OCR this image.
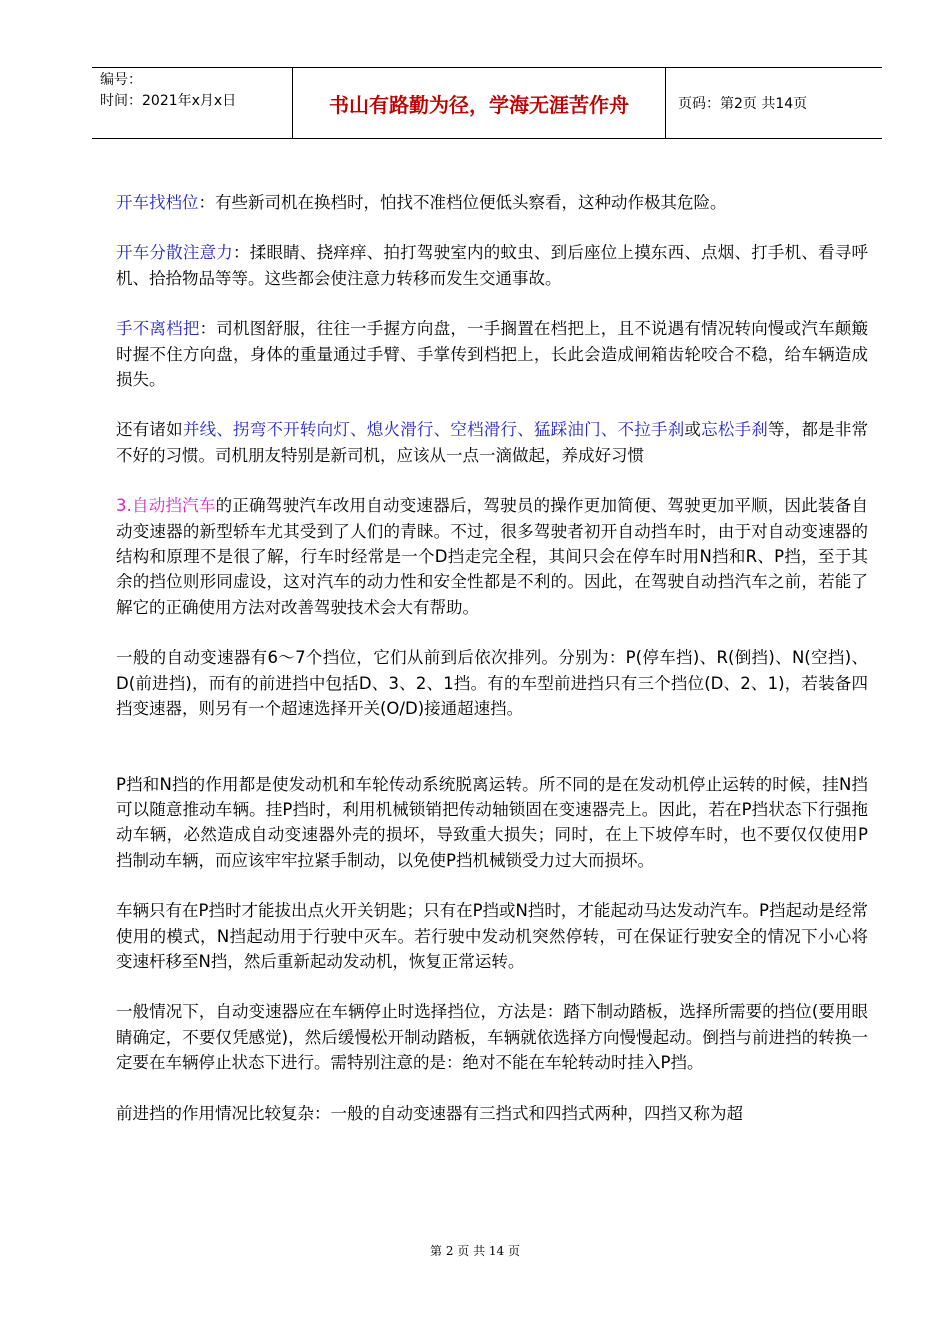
编号：
时间：2021年x月x日	书山有路勤为径，学海无涯苦作舟	页码：第2页 共14页

开车找档位：有些新司机在换档时，怕找不准档位便低头察看，这种动作极其危险。

开车分散注意力：揉眼睛、挠痒痒、拍打驾驶室内的蚊虫、到后座位上摸东西、点烟、打手机、看寻呼机、拾拾物品等等。这些都会使注意力转移而发生交通事故。

手不离档把：司机图舒服，往往一手握方向盘，一手搁置在档把上，且不说遇有情况转向慢或汽车颠簸时握不住方向盘，身体的重量通过手臂、手掌传到档把上，长此会造成闸箱齿轮咬合不稳，给车辆造成损失。

还有诸如并线、拐弯不开转向灯、熄火滑行、空档滑行、猛踩油门、不拉手刹或忘松手刹等，都是非常不好的习惯。司机朋友特别是新司机，应该从一点一滴做起，养成好习惯

3.自动挡汽车的正确驾驶汽车改用自动变速器后，驾驶员的操作更加简便、驾驶更加平顺，因此装备自动变速器的新型轿车尤其受到了人们的青睐。不过，很多驾驶者初开自动挡车时，由于对自动变速器的结构和原理不是很了解，行车时经常是一个D挡走完全程，其间只会在停车时用N挡和R、P挡，至于其余的挡位则形同虚设，这对汽车的动力性和安全性都是不利的。因此，在驾驶自动挡汽车之前，若能了解它的正确使用方法对改善驾驶技术会大有帮助。

一般的自动变速器有6～7个挡位，它们从前到后依次排列。分别为：P(停车挡)、R(倒挡)、N(空挡)、D(前进挡)，而有的前进挡中包括D、3、2、1挡。有的车型前进挡只有三个挡位(D、2、1)，若装备四挡变速器，则另有一个超速选择开关(O/D)接通超速挡。

P挡和N挡的作用都是使发动机和车轮传动系统脱离运转。所不同的是在发动机停止运转的时候，挂N挡可以随意推动车辆。挂P挡时，利用机械锁销把传动轴锁固在变速器壳上。因此，若在P挡状态下行强拖动车辆，必然造成自动变速器外壳的损坏，导致重大损失；同时，在上下坡停车时，也不要仅仅使用P挡制动车辆，而应该牢牢拉紧手制动，以免使P挡机械锁受力过大而损坏。

车辆只有在P挡时才能拔出点火开关钥匙；只有在P挡或N挡时，才能起动马达发动汽车。P挡起动是经常使用的模式，N挡起动用于行驶中灭车。若行驶中发动机突然停转，可在保证行驶安全的情况下小心将变速杆移至N挡，然后重新起动发动机，恢复正常运转。

一般情况下，自动变速器应在车辆停止时选择挡位，方法是：踏下制动踏板，选择所需要的挡位(要用眼睛确定，不要仅凭感觉)，然后缓慢松开制动踏板，车辆就依选择方向慢慢起动。倒挡与前进挡的转换一定要在车辆停止状态下进行。需特别注意的是：绝对不能在车轮转动时挂入P挡。

前进挡的作用情况比较复杂：一般的自动变速器有三挡式和四挡式两种，四挡又称为超

第 2 页 共 14 页
